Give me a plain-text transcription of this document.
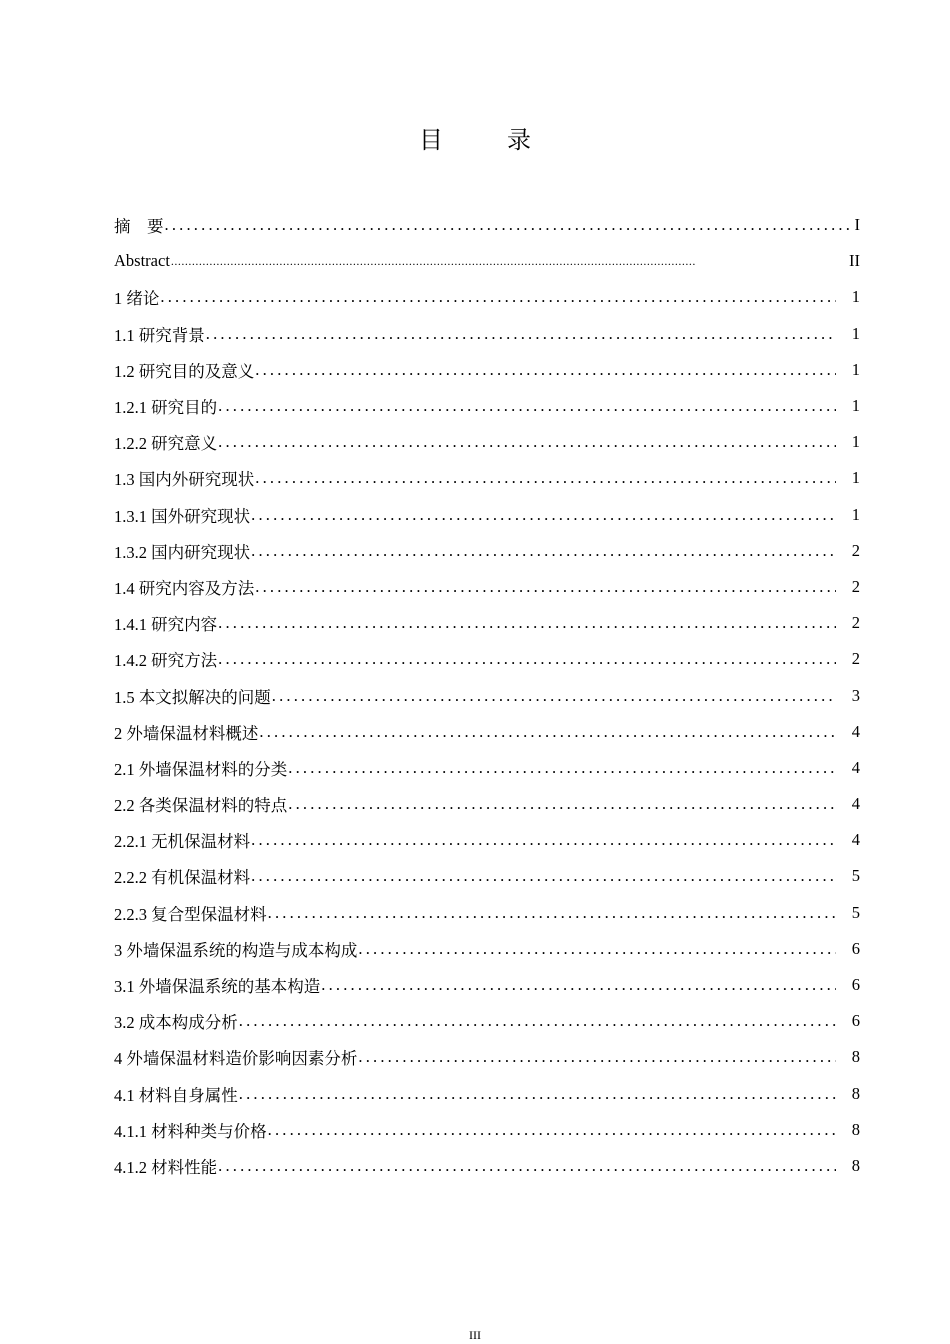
目　录
摘　要 .....	I
Abstract .....	II
1 绪论 .....	1
1.1 研究背景 .....	1
1.2 研究目的及意义 .....	1
1.2.1 研究目的 .....	1
1.2.2 研究意义 .....	1
1.3 国内外研究现状 .....	1
1.3.1 国外研究现状 .....	1
1.3.2 国内研究现状 .....	2
1.4 研究内容及方法 .....	2
1.4.1 研究内容 .....	2
1.4.2 研究方法 .....	2
1.5 本文拟解决的问题 .....	3
2 外墙保温材料概述 .....	4
2.1 外墙保温材料的分类 .....	4
2.2 各类保温材料的特点 .....	4
2.2.1 无机保温材料 .....	4
2.2.2 有机保温材料 .....	5
2.2.3 复合型保温材料 .....	5
3 外墙保温系统的构造与成本构成 .....	6
3.1 外墙保温系统的基本构造 .....	6
3.2 成本构成分析 .....	6
4 外墙保温材料造价影响因素分析 .....	8
4.1 材料自身属性 .....	8
4.1.1 材料种类与价格 .....	8
4.1.2 材料性能 .....	8
III
